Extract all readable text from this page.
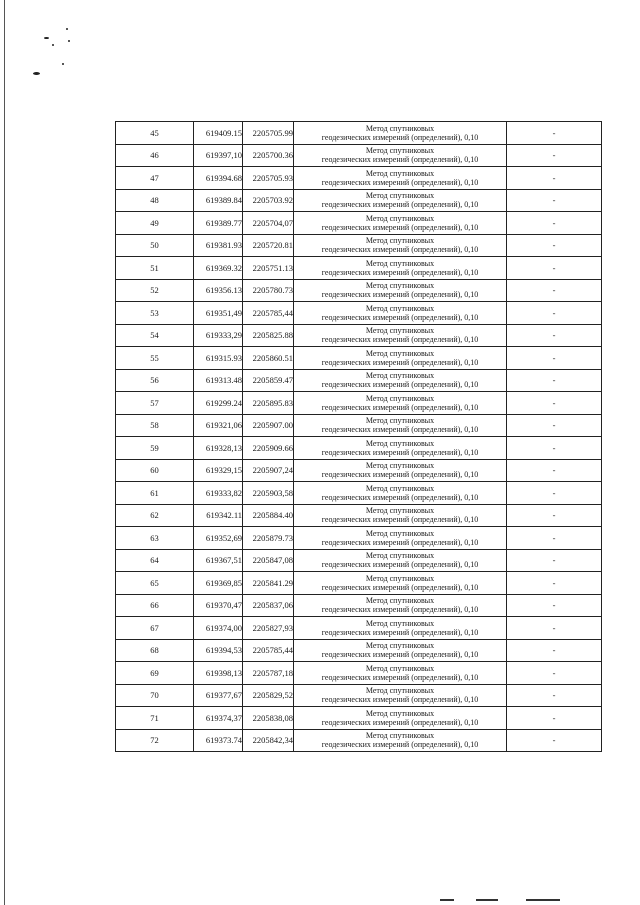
45	619409.15	2205705.99	Метод спутниковых
геодезических измерений (определений), 0,10	-
46	619397,10	2205700.36	Метод спутниковых
геодезических измерений (определений), 0,10	-
47	619394.68	2205705.93	Метод спутниковых
геодезических измерений (определений), 0,10	-
48	619389.84	2205703.92	Метод спутниковых
геодезических измерений (определений), 0,10	-
49	619389.77	2205704,07	Метод спутниковых
геодезических измерений (определений), 0,10	-
50	619381.93	2205720.81	Метод спутниковых
геодезических измерений (определений), 0,10	-
51	619369.32	2205751.13	Метод спутниковых
геодезических измерений (определений), 0,10	-
52	619356.13	2205780.73	Метод спутниковых
геодезических измерений (определений), 0,10	-
53	619351,49	2205785,44	Метод спутниковых
геодезических измерений (определений), 0,10	-
54	619333,29	2205825.88	Метод спутниковых
геодезических измерений (определений), 0,10	-
55	619315.93	2205860.51	Метод спутниковых
геодезических измерений (определений), 0,10	-
56	619313.48	2205859.47	Метод спутниковых
геодезических измерений (определений), 0,10	-
57	619299.24	2205895.83	Метод спутниковых
геодезических измерений (определений), 0,10	-
58	619321,06	2205907.00	Метод спутниковых
геодезических измерений (определений), 0,10	-
59	619328,13	2205909.66	Метод спутниковых
геодезических измерений (определений), 0,10	-
60	619329,15	2205907,24	Метод спутниковых
геодезических измерений (определений), 0,10	-
61	619333,82	2205903,58	Метод спутниковых
геодезических измерений (определений), 0,10	-
62	619342.11	2205884.40	Метод спутниковых
геодезических измерений (определений), 0,10	-
63	619352,69	2205879.73	Метод спутниковых
геодезических измерений (определений), 0,10	-
64	619367,51	2205847,08	Метод спутниковых
геодезических измерений (определений), 0,10	-
65	619369,85	2205841.29	Метод спутниковых
геодезических измерений (определений), 0,10	-
66	619370,47	2205837,06	Метод спутниковых
геодезических измерений (определений), 0,10	-
67	619374,00	2205827,93	Метод спутниковых
геодезических измерений (определений), 0,10	-
68	619394,53	2205785,44	Метод спутниковых
геодезических измерений (определений), 0,10	-
69	619398,13	2205787,18	Метод спутниковых
геодезических измерений (определений), 0,10	-
70	619377,67	2205829,52	Метод спутниковых
геодезических измерений (определений), 0,10	-
71	619374,37	2205838,08	Метод спутниковых
геодезических измерений (определений), 0,10	-
72	619373.74	2205842,34	Метод спутниковых
геодезических измерений (определений), 0,10	-
